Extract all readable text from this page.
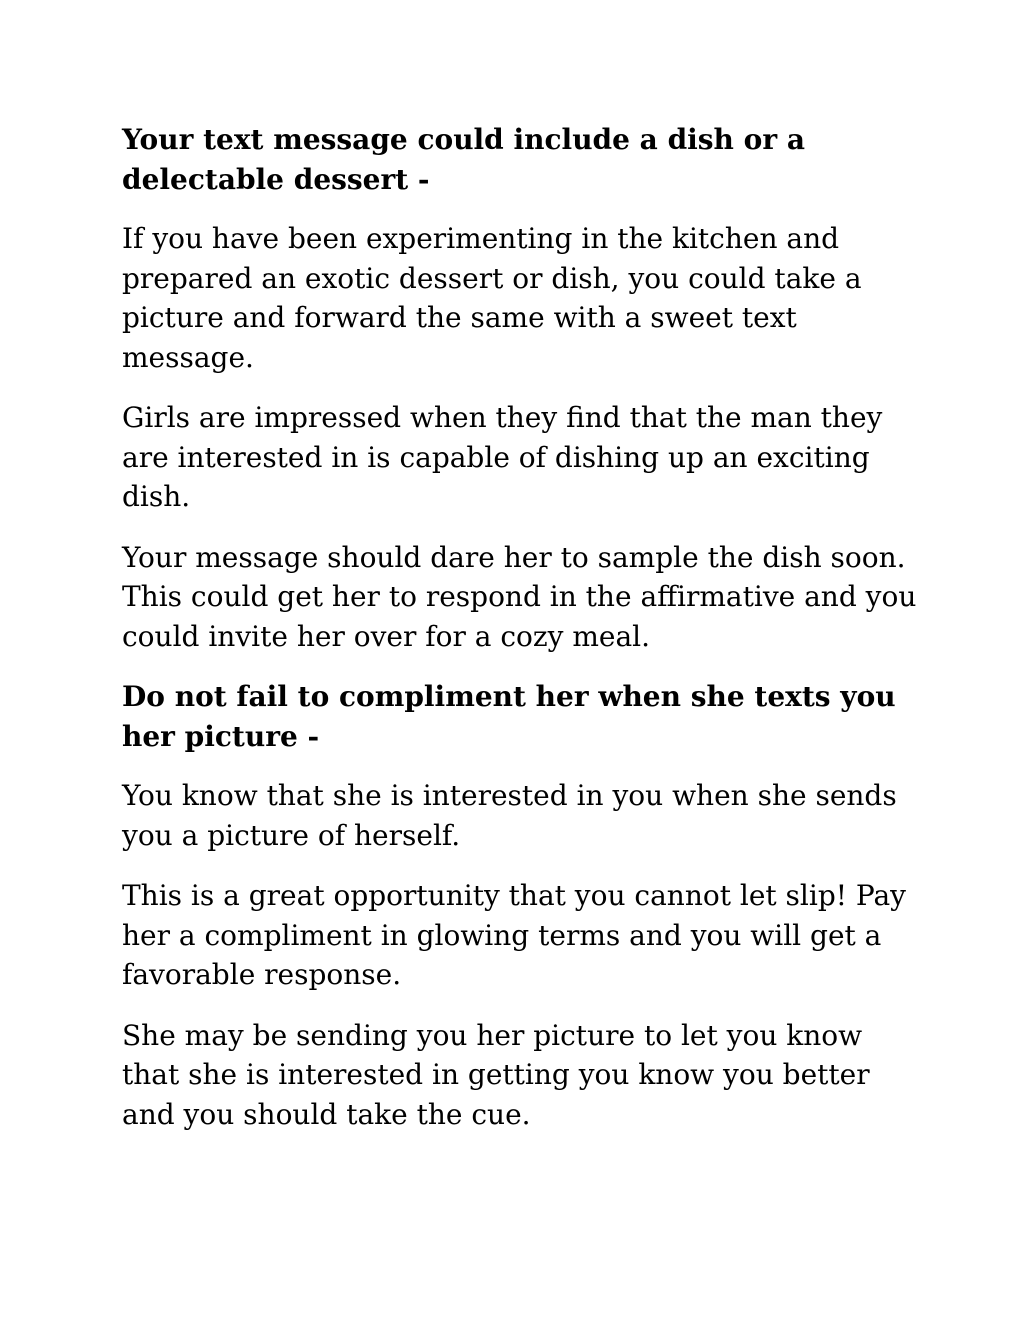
Your text message could include a dish or a delectable dessert -
If you have been experimenting in the kitchen and prepared an exotic dessert or dish, you could take a picture and forward the same with a sweet text message.
Girls are impressed when they find that the man they are interested in is capable of dishing up an exciting dish.
Your message should dare her to sample the dish soon. This could get her to respond in the affirmative and you could invite her over for a cozy meal.
Do not fail to compliment her when she texts you her picture -
You know that she is interested in you when she sends you a picture of herself.
This is a great opportunity that you cannot let slip! Pay her a compliment in glowing terms and you will get a favorable response.
She may be sending you her picture to let you know that she is interested in getting you know you better and you should take the cue.
